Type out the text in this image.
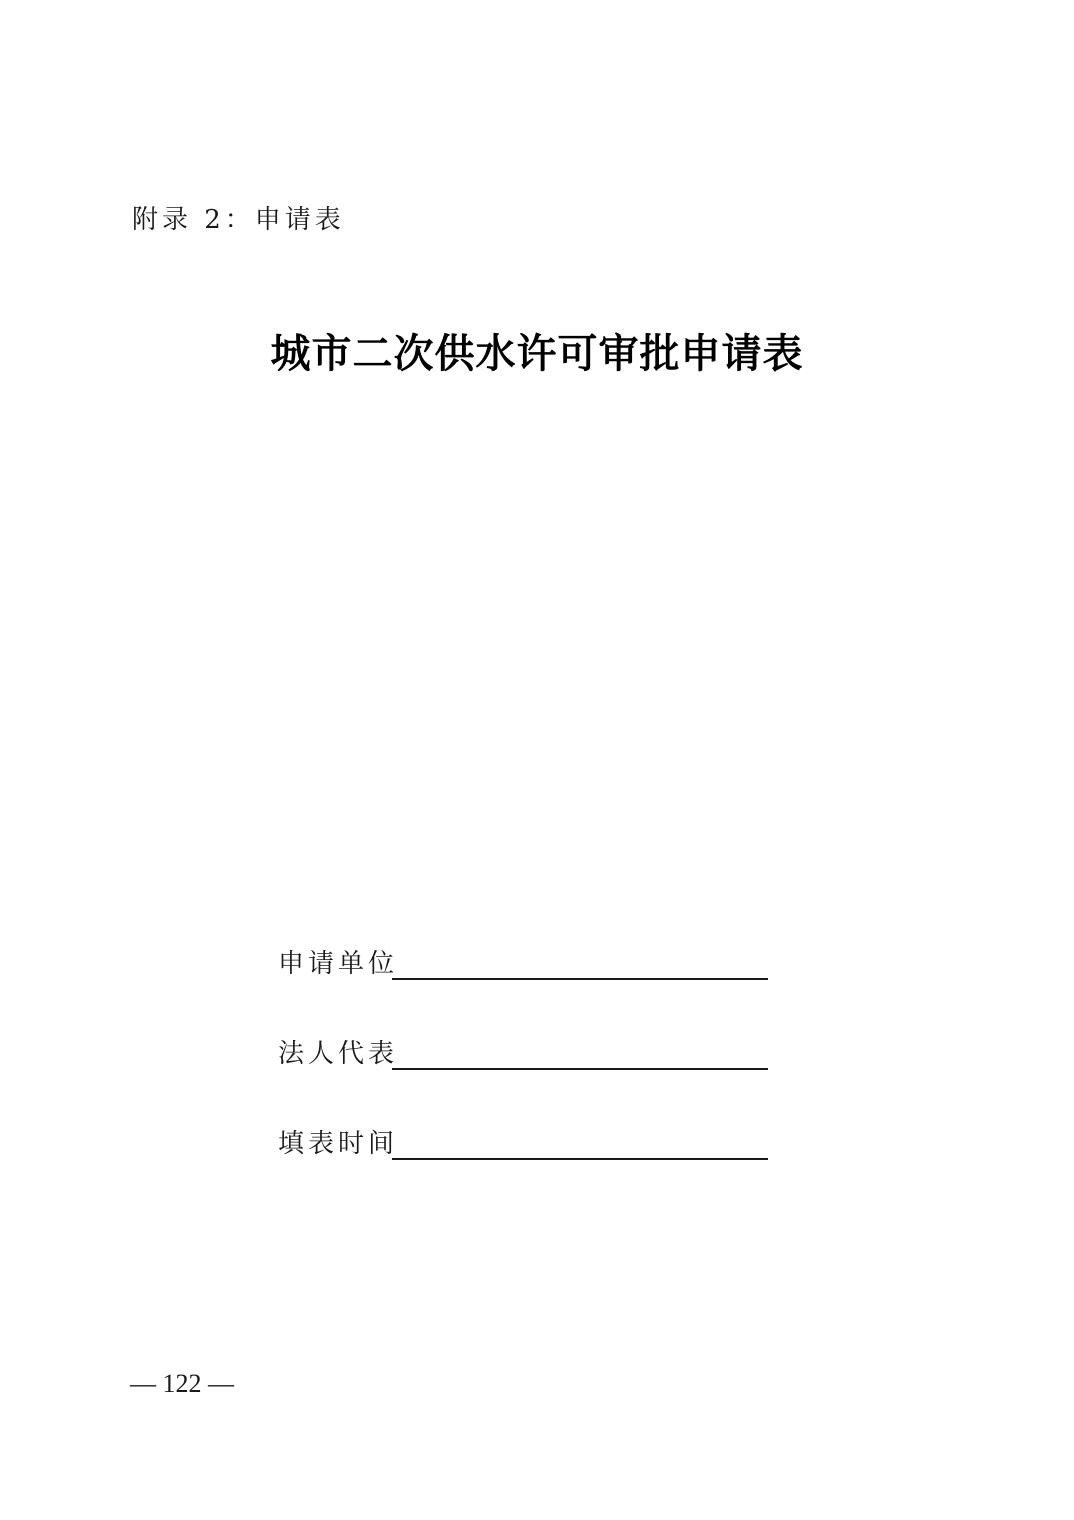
附录 2：申请表
城市二次供水许可审批申请表
申请单位
法人代表
填表时间
— 122 —
